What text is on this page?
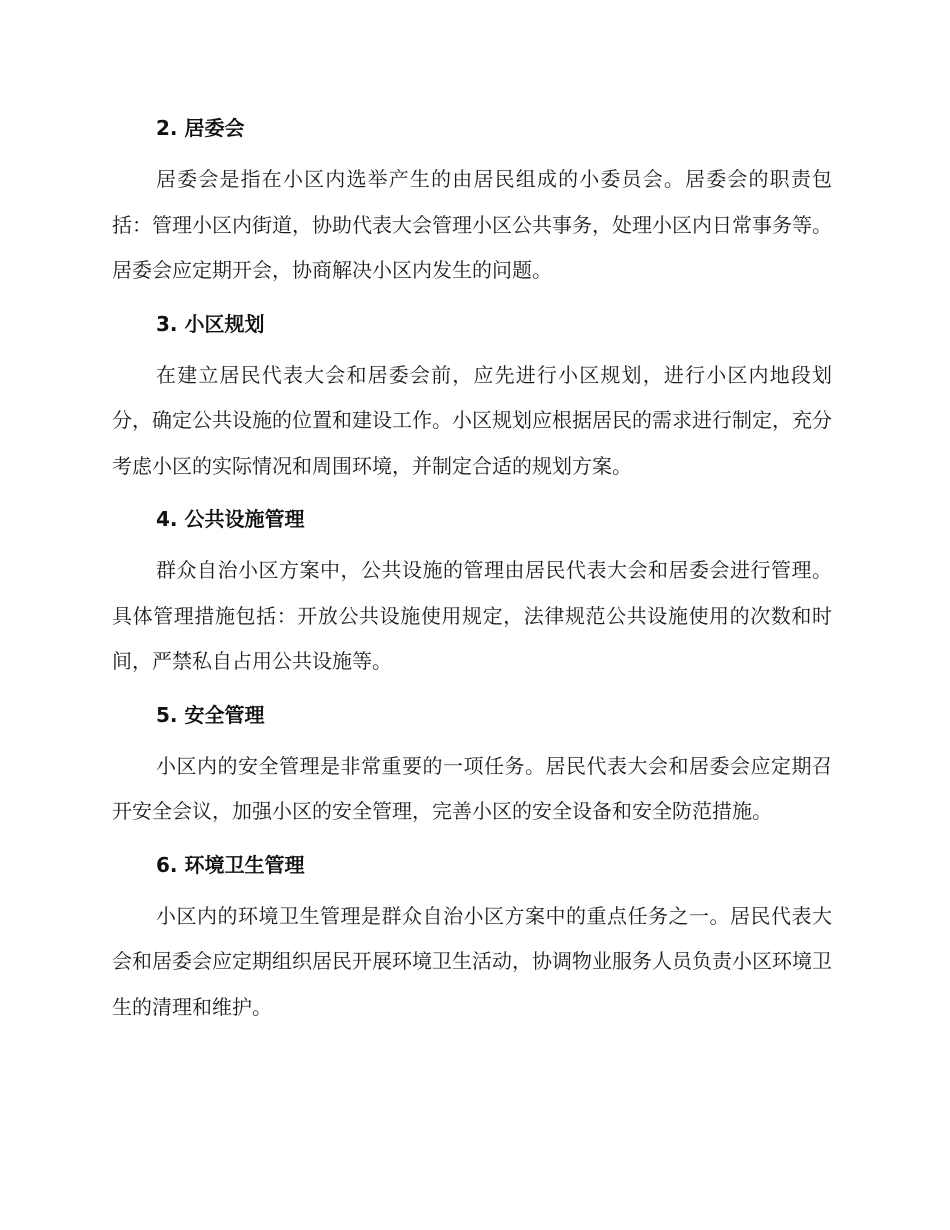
2. 居委会

居委会是指在小区内选举产生的由居民组成的小委员会。居委会的职责包括：管理小区内街道，协助代表大会管理小区公共事务，处理小区内日常事务等。居委会应定期开会，协商解决小区内发生的问题。

3. 小区规划

在建立居民代表大会和居委会前，应先进行小区规划，进行小区内地段划分，确定公共设施的位置和建设工作。小区规划应根据居民的需求进行制定，充分考虑小区的实际情况和周围环境，并制定合适的规划方案。

4. 公共设施管理

群众自治小区方案中，公共设施的管理由居民代表大会和居委会进行管理。具体管理措施包括：开放公共设施使用规定，法律规范公共设施使用的次数和时间，严禁私自占用公共设施等。

5. 安全管理

小区内的安全管理是非常重要的一项任务。居民代表大会和居委会应定期召开安全会议，加强小区的安全管理，完善小区的安全设备和安全防范措施。

6. 环境卫生管理

小区内的环境卫生管理是群众自治小区方案中的重点任务之一。居民代表大会和居委会应定期组织居民开展环境卫生活动，协调物业服务人员负责小区环境卫生的清理和维护。
